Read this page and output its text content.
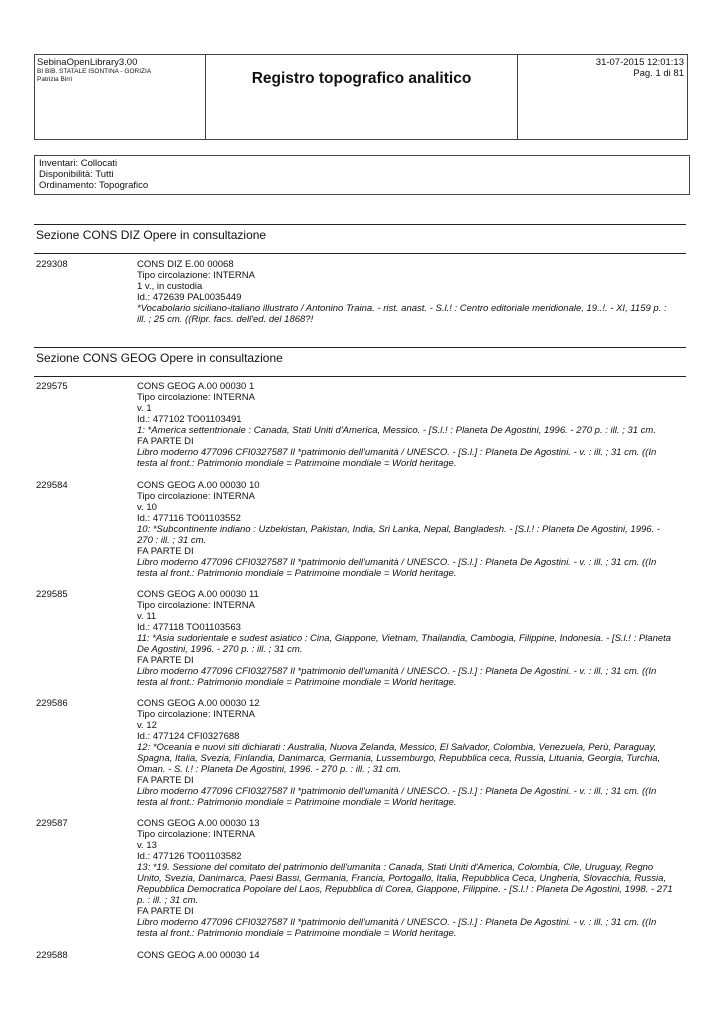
SebinaOpenLibrary3.00
BI BIB. STATALE ISONTINA - GORIZIA
Patrizia Birri	Registro topografico analitico
31-07-2015 12:01:13
Pag. 1 di 81
Inventari: Collocati
Disponibilità: Tutti
Ordinamento: Topografico
Sezione CONS DIZ Opere in consultazione
229308	CONS DIZ E.00 00068
Tipo circolazione: INTERNA
1 v., in custodia
Id.: 472639 PAL0035449
*Vocabolario siciliano-italiano illustrato / Antonino Traina. - rist. anast. - S.l.! : Centro editoriale meridionale, 19..!. - XI, 1159 p. :
ill. ; 25 cm. ((Ripr. facs. dell'ed. del 1868?!
Sezione CONS GEOG Opere in consultazione
229575	CONS GEOG A.00 00030 1
Tipo circolazione: INTERNA
v. 1
Id.: 477102 TO01103491
1: *America settentrionale : Canada, Stati Uniti d'America, Messico. - [S.l.! : Planeta De Agostini, 1996. - 270 p. : ill. ; 31 cm.
FA PARTE DI
Libro moderno 477096 CFI0327587 Il *patrimonio dell'umanità / UNESCO. - [S.l.] : Planeta De Agostini. - v. : ill. ; 31 cm. ((In
testa al front.: Patrimonio mondiale = Patrimoine mondiale = World heritage.
229584	CONS GEOG A.00 00030 10
Tipo circolazione: INTERNA
v. 10
Id.: 477116 TO01103552
10: *Subcontinente indiano : Uzbekistan, Pakistan, India, Sri Lanka, Nepal, Bangladesh. - [S.l.! : Planeta De Agostini, 1996. -
270 : ill. ; 31 cm.
FA PARTE DI
Libro moderno 477096 CFI0327587 Il *patrimonio dell'umanità / UNESCO. - [S.l.] : Planeta De Agostini. - v. : ill. ; 31 cm. ((In
testa al front.: Patrimonio mondiale = Patrimoine mondiale = World heritage.
229585	CONS GEOG A.00 00030 11
Tipo circolazione: INTERNA
v. 11
Id.: 477118 TO01103563
11: *Asia sudorientale e sudest asiatico : Cina, Giappone, Vietnam, Thailandia, Cambogia, Filippine, Indonesia. - [S.l.! : Planeta
De Agostini, 1996. - 270 p. : ill. ; 31 cm.
FA PARTE DI
Libro moderno 477096 CFI0327587 Il *patrimonio dell'umanità / UNESCO. - [S.l.] : Planeta De Agostini. - v. : ill. ; 31 cm. ((In
testa al front.: Patrimonio mondiale = Patrimoine mondiale = World heritage.
229586	CONS GEOG A.00 00030 12
Tipo circolazione: INTERNA
v. 12
Id.: 477124 CFI0327688
12: *Oceania e nuovi siti dichiarati : Australia, Nuova Zelanda, Messico, El Salvador, Colombia, Venezuela, Perù, Paraguay,
Spagna, Italia, Svezia, Finlandia, Danimarca, Germania, Lussemburgo, Repubblica ceca, Russia, Lituania, Georgia, Turchia,
Oman. - S. l.! : Planeta De Agostini, 1996. - 270 p. : ill. ; 31 cm.
FA PARTE DI
Libro moderno 477096 CFI0327587 Il *patrimonio dell'umanità / UNESCO. - [S.l.] : Planeta De Agostini. - v. : ill. ; 31 cm. ((In
testa al front.: Patrimonio mondiale = Patrimoine mondiale = World heritage.
229587	CONS GEOG A.00 00030 13
Tipo circolazione: INTERNA
v. 13
Id.: 477126 TO01103582
13: *19. Sessione del comitato del patrimonio dell'umanita : Canada, Stati Uniti d'America, Colombia, Cile, Uruguay, Regno
Unito, Svezia, Danimarca, Paesi Bassi, Germania, Francia, Portogallo, Italia, Repubblica Ceca, Ungheria, Slovacchia, Russia,
Repubblica Democratica Popolare del Laos, Repubblica di Corea, Giappone, Filippine. - [S.l.! : Planeta De Agostini, 1998. - 271
p. : ill. ; 31 cm.
FA PARTE DI
Libro moderno 477096 CFI0327587 Il *patrimonio dell'umanità / UNESCO. - [S.l.] : Planeta De Agostini. - v. : ill. ; 31 cm. ((In
testa al front.: Patrimonio mondiale = Patrimoine mondiale = World heritage.
229588	CONS GEOG A.00 00030 14
